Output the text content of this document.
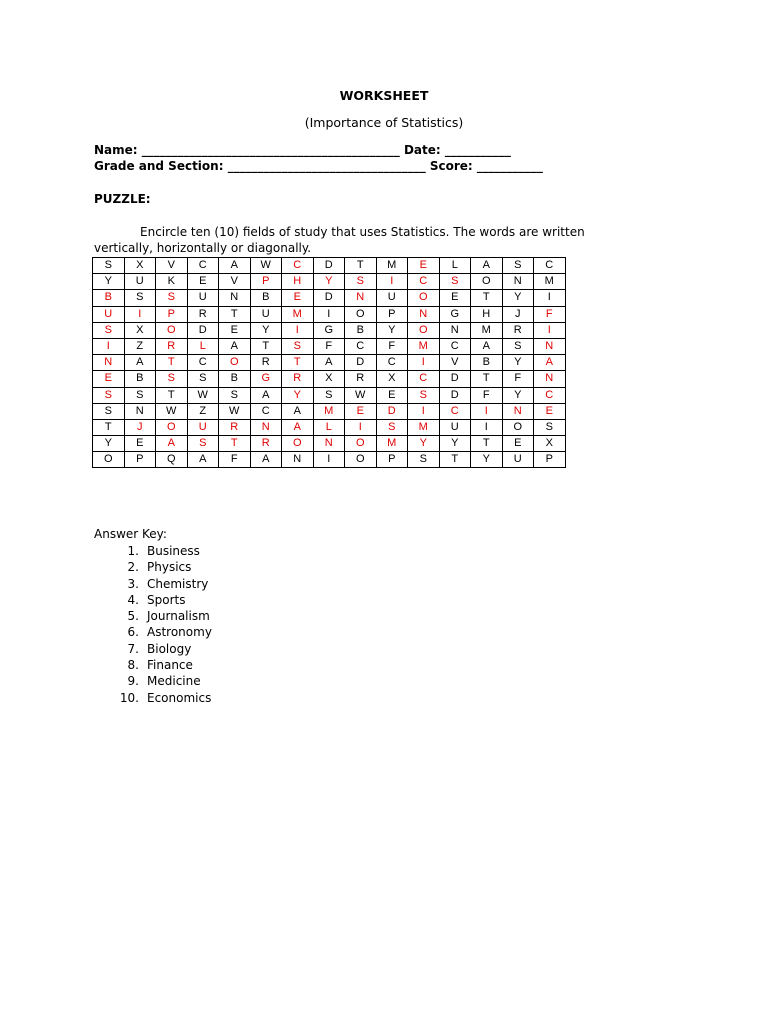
WORKSHEET
(Importance of Statistics)
Name: ___________________________________________ Date: ___________
Grade and Section: _________________________________ Score: ___________
PUZZLE:
Encircle ten (10) fields of study that uses Statistics. The words are written vertically, horizontally or diagonally.
S	X	V	C	A	W	C	D	T	M	E	L	A	S	C
Y	U	K	E	V	P	H	Y	S	I	C	S	O	N	M
B	S	S	U	N	B	E	D	N	U	O	E	T	Y	I
U	I	P	R	T	U	M	I	O	P	N	G	H	J	F
S	X	O	D	E	Y	I	G	B	Y	O	N	M	R	I
I	Z	R	L	A	T	S	F	C	F	M	C	A	S	N
N	A	T	C	O	R	T	A	D	C	I	V	B	Y	A
E	B	S	S	B	G	R	X	R	X	C	D	T	F	N
S	S	T	W	S	A	Y	S	W	E	S	D	F	Y	C
S	N	W	Z	W	C	A	M	E	D	I	C	I	N	E
T	J	O	U	R	N	A	L	I	S	M	U	I	O	S
Y	E	A	S	T	R	O	N	O	M	Y	Y	T	E	X
O	P	Q	A	F	A	N	I	O	P	S	T	Y	U	P
Answer Key:
1. Business
2. Physics
3. Chemistry
4. Sports
5. Journalism
6. Astronomy
7. Biology
8. Finance
9. Medicine
10. Economics
